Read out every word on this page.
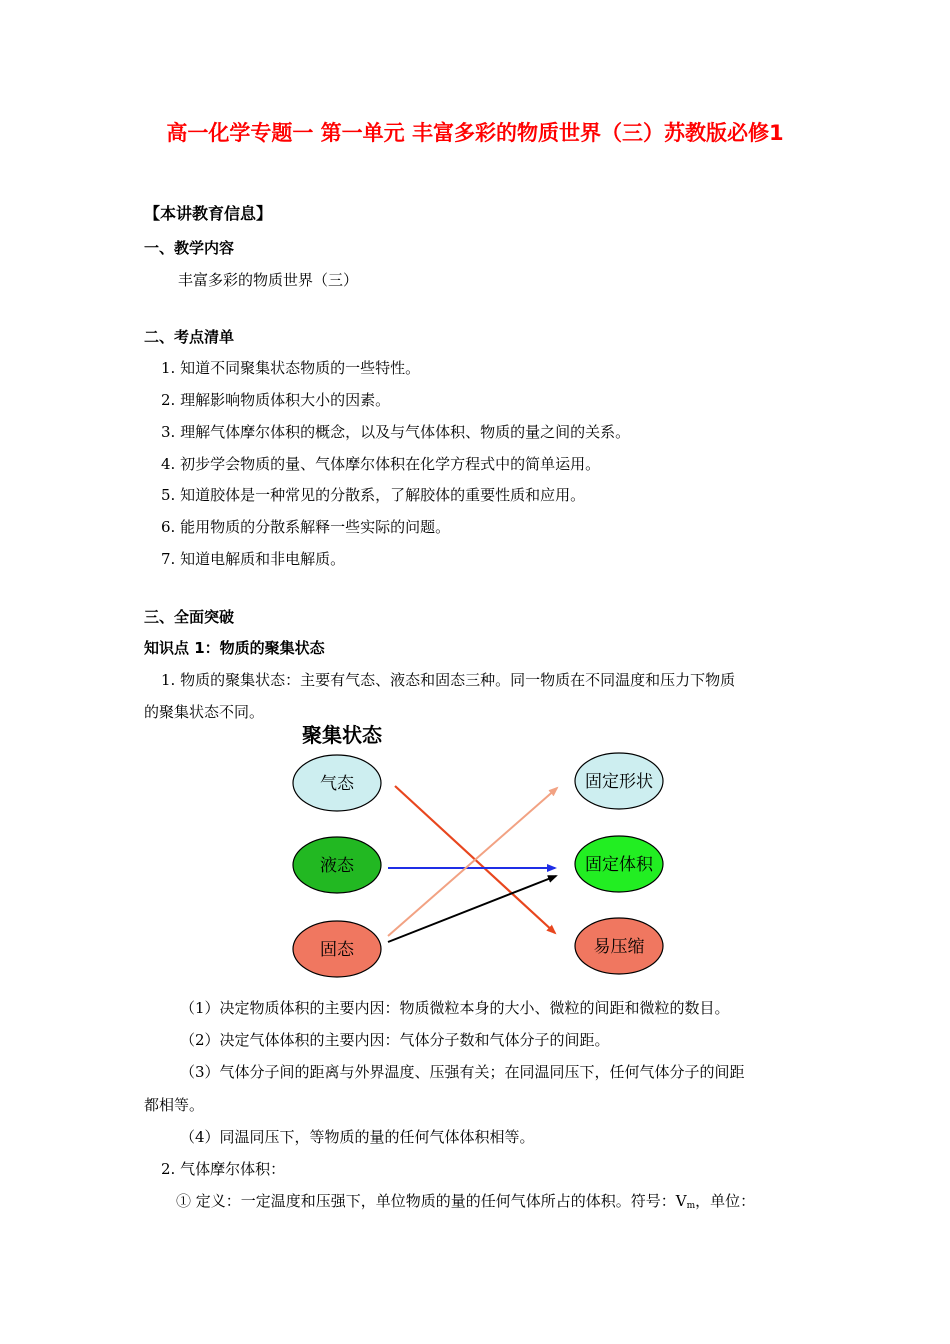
高一化学专题一 第一单元 丰富多彩的物质世界（三）苏教版必修1
【本讲教育信息】
一、教学内容
丰富多彩的物质世界（三）
二、考点清单
1. 知道不同聚集状态物质的一些特性。
2. 理解影响物质体积大小的因素。
3. 理解气体摩尔体积的概念，以及与气体体积、物质的量之间的关系。
4. 初步学会物质的量、气体摩尔体积在化学方程式中的简单运用。
5. 知道胶体是一种常见的分散系，了解胶体的重要性质和应用。
6. 能用物质的分散系解释一些实际的问题。
7. 知道电解质和非电解质。
三、全面突破
知识点 1：物质的聚集状态
1. 物质的聚集状态：主要有气态、液态和固态三种。同一物质在不同温度和压力下物质
的聚集状态不同。
聚集状态
气态
液态
固态
固定形状
固定体积
易压缩
（1）决定物质体积的主要内因：物质微粒本身的大小、微粒的间距和微粒的数目。
（2）决定气体体积的主要内因：气体分子数和气体分子的间距。
（3）气体分子间的距离与外界温度、压强有关；在同温同压下，任何气体分子的间距
都相等。
（4）同温同压下，等物质的量的任何气体体积相等。
2. 气体摩尔体积：
① 定义：一定温度和压强下，单位物质的量的任何气体所占的体积。符号：$V_m$，单位：
